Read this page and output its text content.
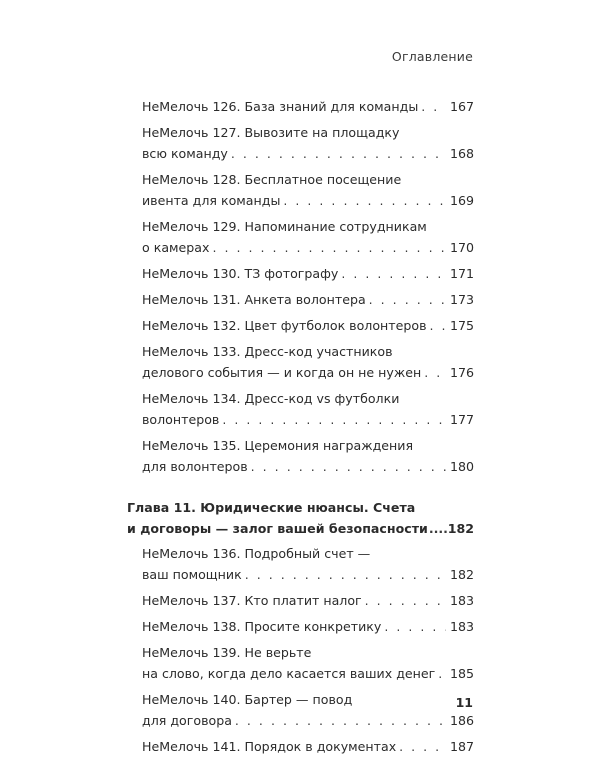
Оглавление
НеМелочь 126. База знаний для команды . . .	167
НеМелочь 127. Вывозите на площадку
всю команду . . .	168
НеМелочь 128. Бесплатное посещение
ивента для команды . . .	169
НеМелочь 129. Напоминание сотрудникам
о камерах . . .	170
НеМелочь 130. ТЗ фотографу . . .	171
НеМелочь 131. Анкета волонтера . . .	173
НеМелочь 132. Цвет футболок волонтеров . . . 175
НеМелочь 133. Дресс-код участников
делового события — и когда он не нужен . . . 176
НеМелочь 134. Дресс-код vs футболки
волонтеров . . .	177
НеМелочь 135. Церемония награждения
для волонтеров . . .	180
Глава 11. Юридические нюансы. Счета
и договоры — залог вашей безопасности ..... 182
НеМелочь 136. Подробный счет —
ваш помощник . . .	182
НеМелочь 137. Кто платит налог . . .	183
НеМелочь 138. Просите конкретику . . .	183
НеМелочь 139. Не верьте
на слово, когда дело касается ваших денег . . . 185
НеМелочь 140. Бартер — повод
для договора . . .	186
НеМелочь 141. Порядок в документах . . .	187
11
